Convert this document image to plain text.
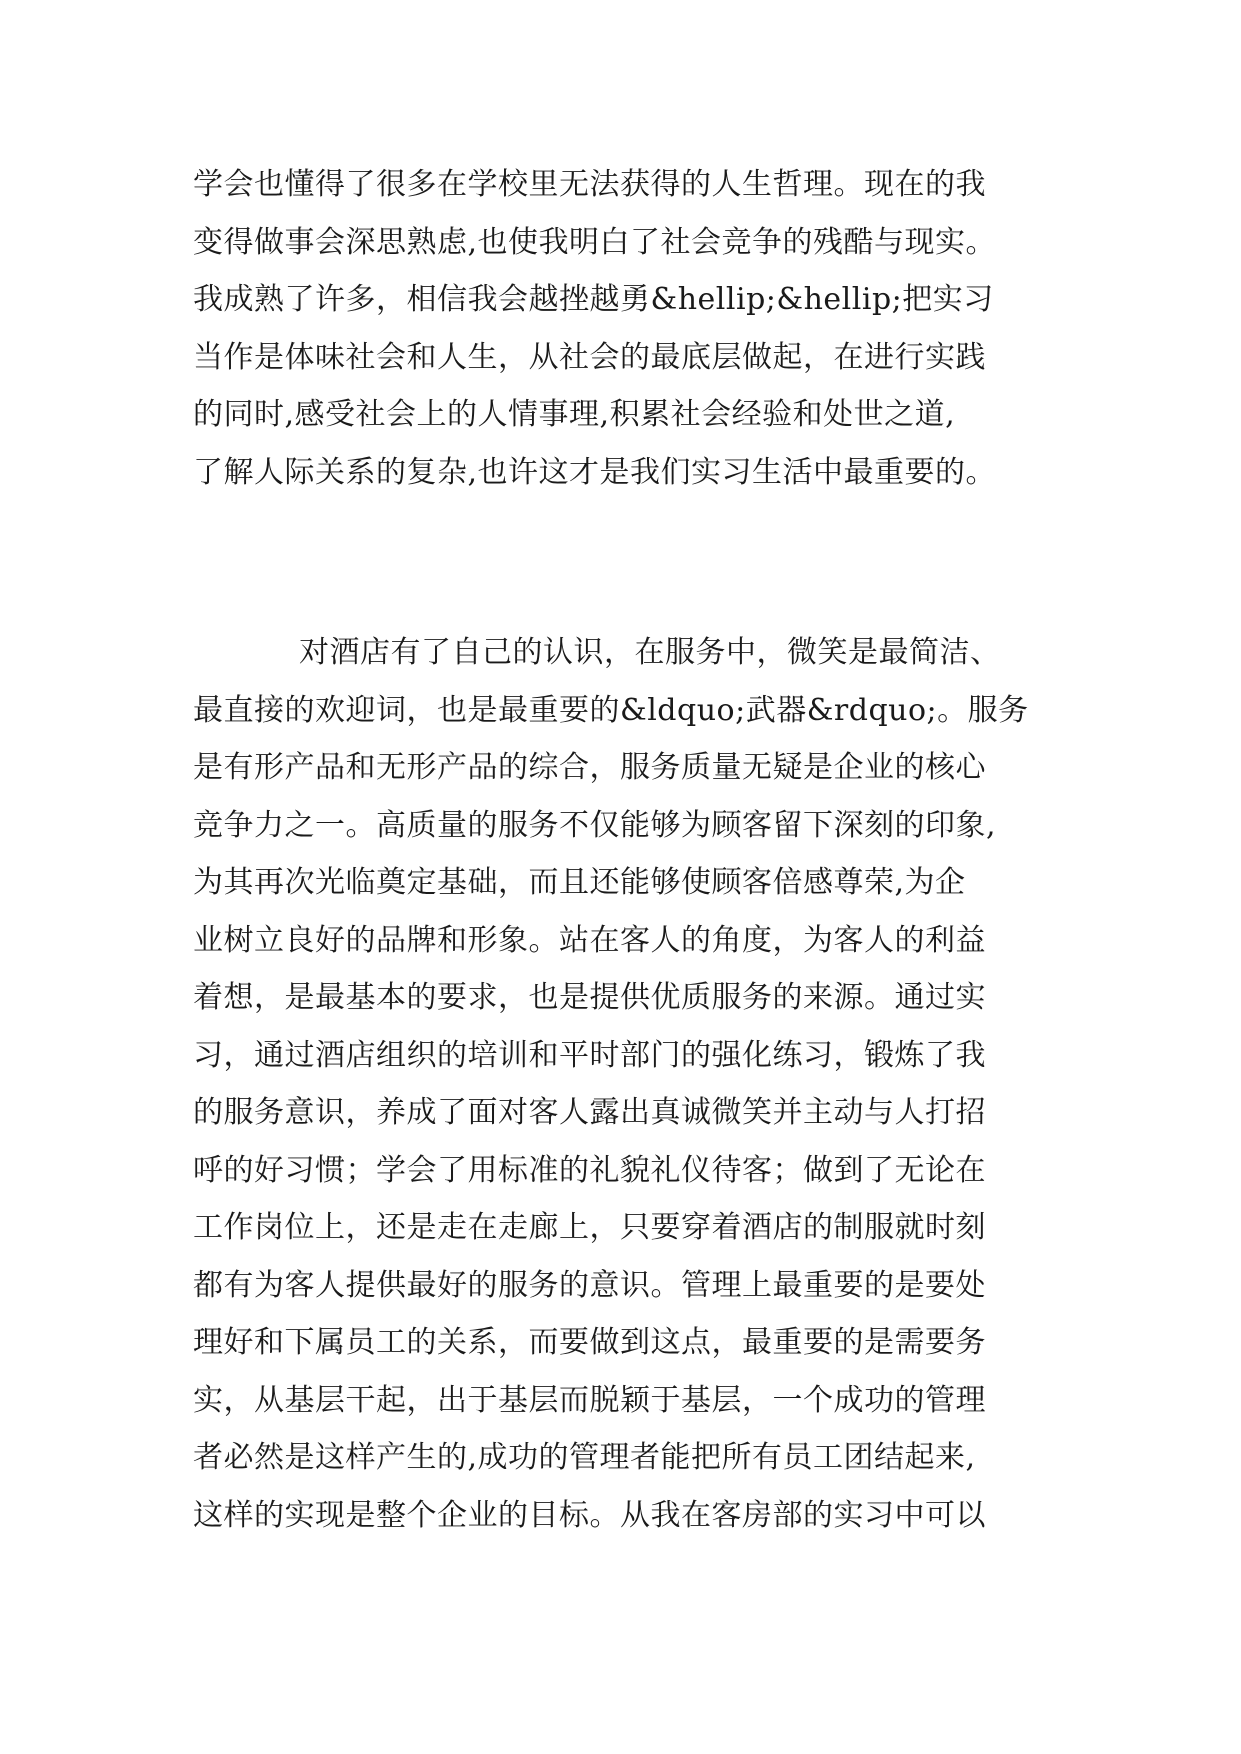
学会也懂得了很多在学校里无法获得的人生哲理。现在的我
变得做事会深思熟虑,也使我明白了社会竞争的残酷与现实。
我成熟了许多，相信我会越挫越勇&hellip;&hellip;把实习
当作是体味社会和人生，从社会的最底层做起，在进行实践
的同时,感受社会上的人情事理,积累社会经验和处世之道,
了解人际关系的复杂,也许这才是我们实习生活中最重要的。
对酒店有了自己的认识，在服务中，微笑是最简洁、
最直接的欢迎词，也是最重要的&ldquo;武器&rdquo;。服务
是有形产品和无形产品的综合，服务质量无疑是企业的核心
竞争力之一。高质量的服务不仅能够为顾客留下深刻的印象,
为其再次光临奠定基础，而且还能够使顾客倍感尊荣,为企
业树立良好的品牌和形象。站在客人的角度，为客人的利益
着想，是最基本的要求，也是提供优质服务的来源。通过实
习，通过酒店组织的培训和平时部门的强化练习，锻炼了我
的服务意识，养成了面对客人露出真诚微笑并主动与人打招
呼的好习惯；学会了用标准的礼貌礼仪待客；做到了无论在
工作岗位上，还是走在走廊上，只要穿着酒店的制服就时刻
都有为客人提供最好的服务的意识。管理上最重要的是要处
理好和下属员工的关系，而要做到这点，最重要的是需要务
实，从基层干起，出于基层而脱颖于基层，一个成功的管理
者必然是这样产生的,成功的管理者能把所有员工团结起来,
这样的实现是整个企业的目标。从我在客房部的实习中可以
